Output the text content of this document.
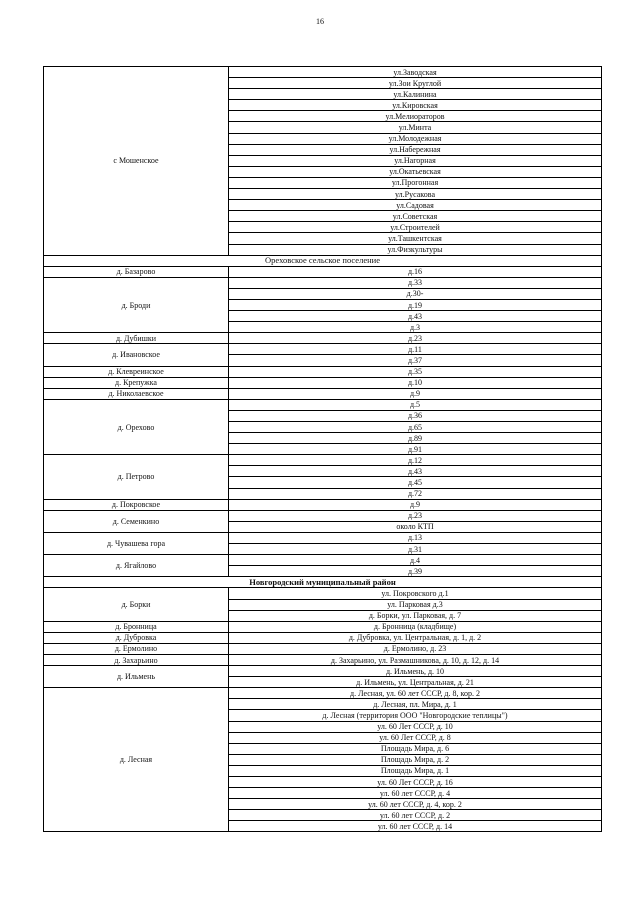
16
с Мошенское	ул.Заводская
	ул.Зои Круглой
	ул.Калинина
	ул.Кировская
	ул.Мелиораторов
	ул.Минта
	ул.Молодежная
	ул.Набережная
	ул.Нагорная
	ул.Окатьевская
	ул.Прогонная
	ул.Русакова
	ул.Садовая
	ул.Советская
	ул.Строителей
	ул.Ташкентская
	ул.Физкультуры
Ореховское сельское поселение	
д. Базарово	д.16
д. Броди	д.33
	д.30-
	д.19
	д.43
	д.3
д. Дубишки	д.23
д. Ивановское	д.11
	д.37
д. Клевреинское	д.35
д. Крепужка	д.10
д. Николаевское	д.9
д. Орехово	д.5
	д.36
	д.65
	д.89
	д.91
д. Петрово	д.12
	д.43
	д.45
	д.72
д. Покровское	д.9
д. Семенкино	д.23
	около КТП
д. Чувашева гора	д.13
	д.31
д. Ягайлово	д.4
	д.39
Новгородский муниципальный район	
д. Борки	ул. Покровского д.1
	ул. Парковая д.3
	д. Борки, ул. Парковая, д. 7
д. Бронница	д. Бронница (кладбище)
д. Дубровка	д. Дубровка, ул. Центральная, д. 1, д. 2
д. Ермолино	д. Ермолино, д. 23
д. Захарьино	д. Захарьино, ул. Размашникова, д. 10, д. 12, д. 14
д. Ильмень	д. Ильмень, д. 10
	д. Ильмень, ул. Центральная, д. 21
д. Лесная	д. Лесная, ул. 60 лет СССР, д. 8, кор. 2
	д. Лесная, пл. Мира, д. 1
	д. Лесная (территория ООО "Новгородские теплицы")
	ул. 60 Лет СССР, д. 10
	ул. 60 Лет СССР, д. 8
	Площадь Мира, д. 6
	Площадь Мира, д. 2
	Площадь Мира, д. 1
	ул. 60 Лет СССР, д. 16
	ул. 60 лет СССР, д. 4
	ул. 60 лет СССР, д. 4, кор. 2
	ул. 60 лет СССР, д. 2
	ул. 60 лет СССР, д. 14
